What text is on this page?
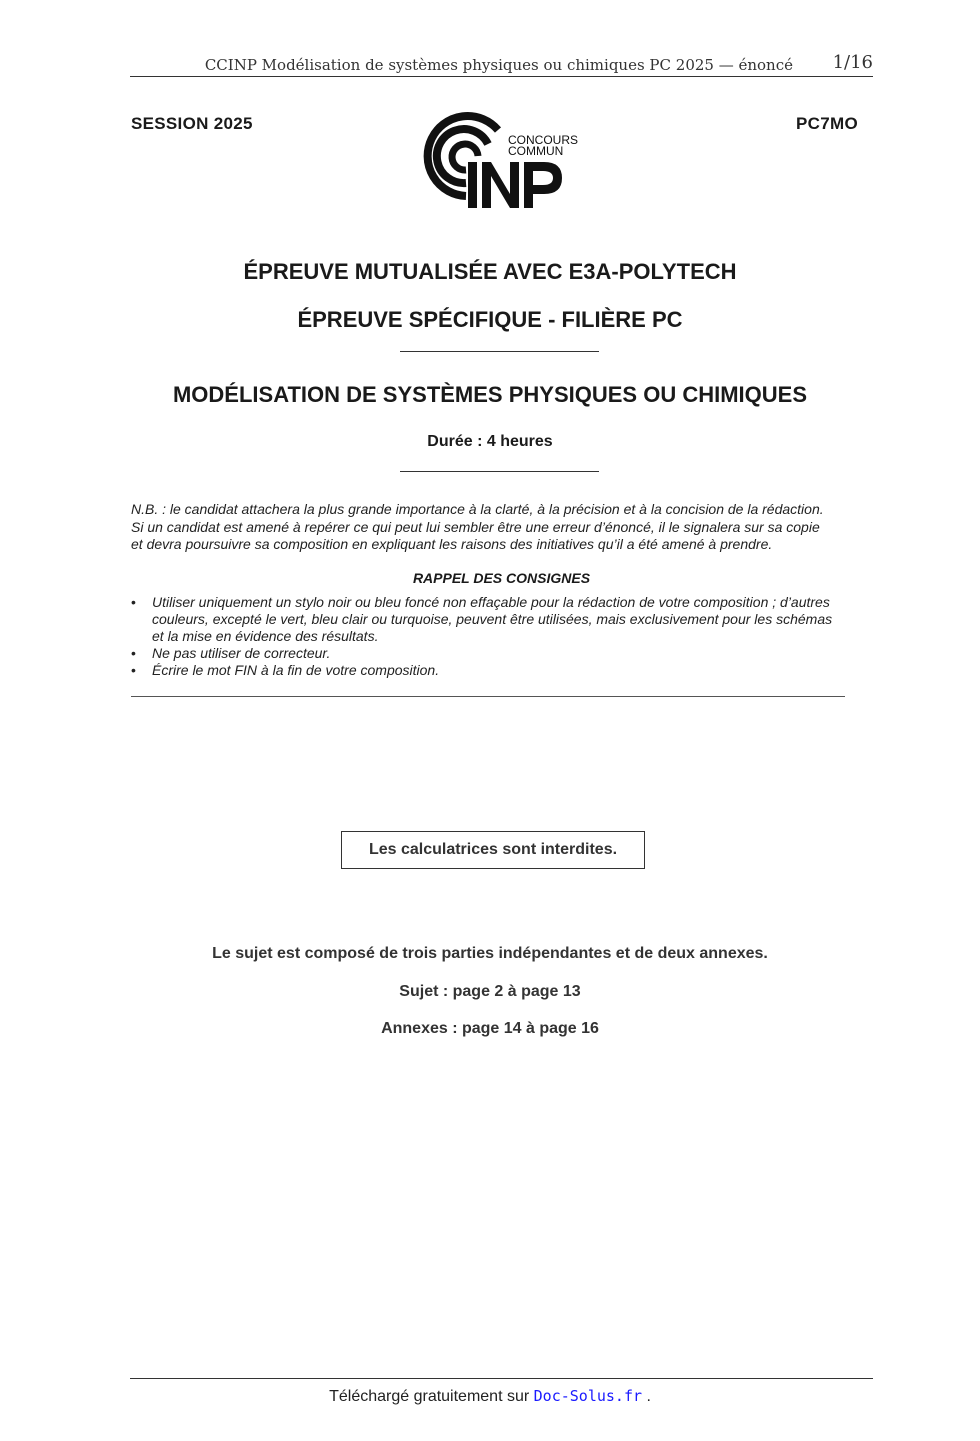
CCINP Modélisation de systèmes physiques ou chimiques PC 2025 — énoncé 1/16
SESSION 2025	PC7MO
CONCOURS
COMMUN
ÉPREUVE MUTUALISÉE AVEC E3A-POLYTECH
ÉPREUVE SPÉCIFIQUE - FILIÈRE PC
MODÉLISATION DE SYSTÈMES PHYSIQUES OU CHIMIQUES
Durée : 4 heures
N.B. : le candidat attachera la plus grande importance à la clarté, à la précision et à la concision de la rédaction.
Si un candidat est amené à repérer ce qui peut lui sembler être une erreur d’énoncé, il le signalera sur sa copie
et devra poursuivre sa composition en expliquant les raisons des initiatives qu’il a été amené à prendre.
RAPPEL DES CONSIGNES
• Utiliser uniquement un stylo noir ou bleu foncé non effaçable pour la rédaction de votre composition ; d’autres
couleurs, excepté le vert, bleu clair ou turquoise, peuvent être utilisées, mais exclusivement pour les schémas
et la mise en évidence des résultats.
• Ne pas utiliser de correcteur.
• Écrire le mot FIN à la fin de votre composition.
Les calculatrices sont interdites.
Le sujet est composé de trois parties indépendantes et de deux annexes.
Sujet : page 2 à page 13
Annexes : page 14 à page 16
Téléchargé gratuitement sur Doc-Solus.fr .
